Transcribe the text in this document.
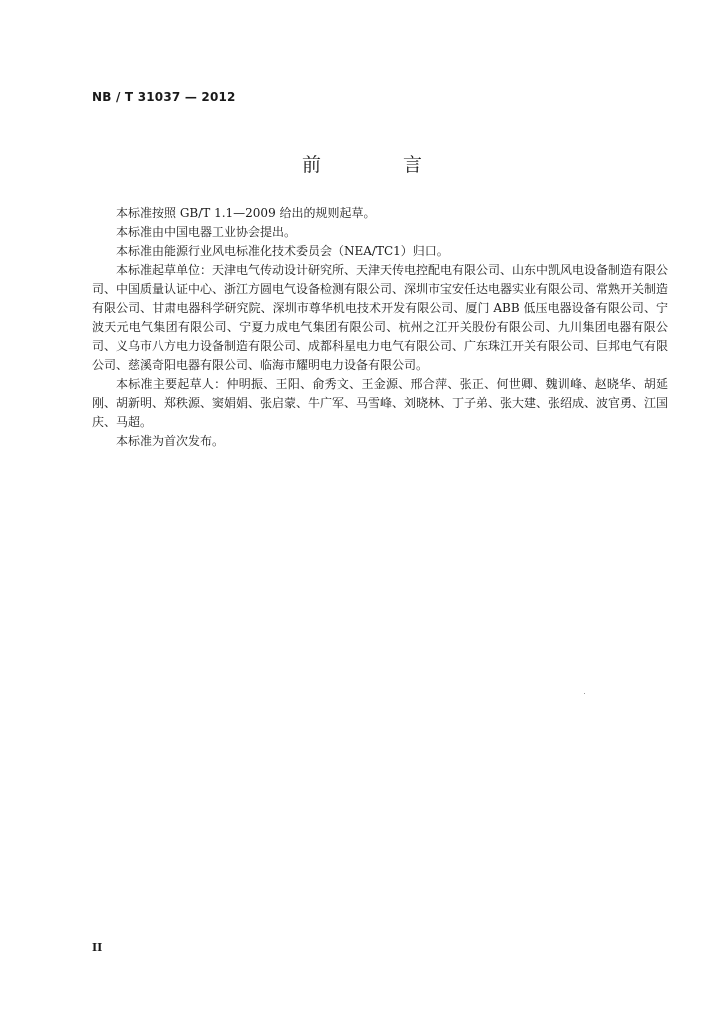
NB / T 31037 — 2012
前 言

本标准按照 GB/T 1.1—2009 给出的规则起草。

本标准由中国电器工业协会提出。

本标准由能源行业风电标准化技术委员会（NEA/TC1）归口。

本标准起草单位：天津电气传动设计研究所、天津天传电控配电有限公司、山东中凯风电设备制造有限公司、中国质量认证中心、浙江方圆电气设备检测有限公司、深圳市宝安任达电器实业有限公司、常熟开关制造有限公司、甘肃电器科学研究院、深圳市尊华机电技术开发有限公司、厦门 ABB 低压电器设备有限公司、宁波天元电气集团有限公司、宁夏力成电气集团有限公司、杭州之江开关股份有限公司、九川集团电器有限公司、义乌市八方电力设备制造有限公司、成都科星电力电气有限公司、广东珠江开关有限公司、巨邦电气有限公司、慈溪奇阳电器有限公司、临海市耀明电力设备有限公司。

本标准主要起草人：仲明振、王阳、俞秀文、王金源、邢合萍、张正、何世卿、魏训峰、赵晓华、胡延刚、胡新明、郑秩源、窦娟娟、张启蒙、牛广军、马雪峰、刘晓林、丁子弟、张大建、张绍成、波官勇、江国庆、马超。

本标准为首次发布。

II
